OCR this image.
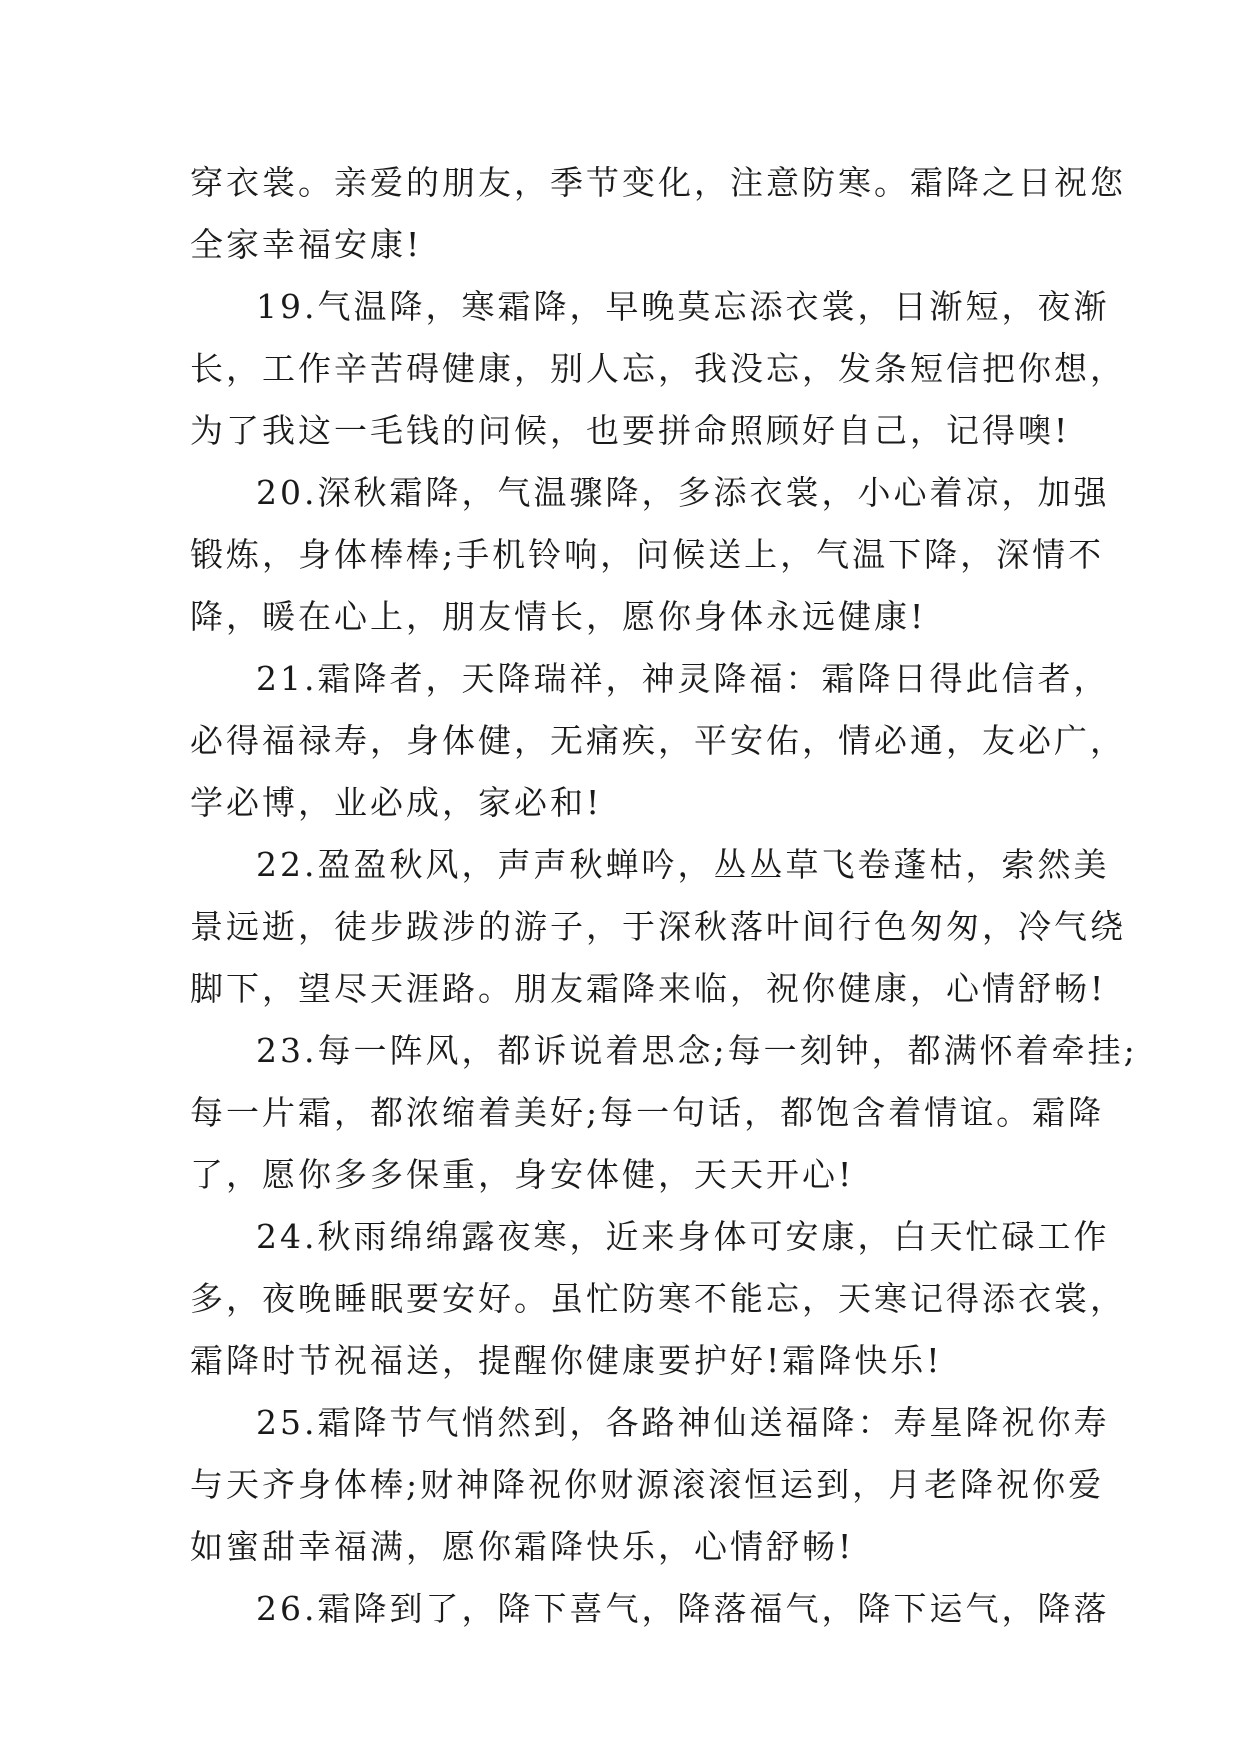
穿衣裳。亲爱的朋友，季节变化，注意防寒。霜降之日祝您
全家幸福安康!
19.气温降，寒霜降，早晚莫忘添衣裳，日渐短，夜渐
长，工作辛苦碍健康，别人忘，我没忘，发条短信把你想，
为了我这一毛钱的问候，也要拼命照顾好自己，记得噢!
20.深秋霜降，气温骤降，多添衣裳，小心着凉，加强
锻炼，身体棒棒;手机铃响，问候送上，气温下降，深情不
降，暖在心上，朋友情长，愿你身体永远健康!
21.霜降者，天降瑞祥，神灵降福：霜降日得此信者，
必得福禄寿，身体健，无痛疾，平安佑，情必通，友必广，
学必博，业必成，家必和!
22.盈盈秋风，声声秋蝉吟，丛丛草飞卷蓬枯，索然美
景远逝，徒步跋涉的游子，于深秋落叶间行色匆匆，冷气绕
脚下，望尽天涯路。朋友霜降来临，祝你健康，心情舒畅!
23.每一阵风，都诉说着思念;每一刻钟，都满怀着牵挂;
每一片霜，都浓缩着美好;每一句话，都饱含着情谊。霜降
了，愿你多多保重，身安体健，天天开心!
24.秋雨绵绵露夜寒，近来身体可安康，白天忙碌工作
多，夜晚睡眠要安好。虽忙防寒不能忘，天寒记得添衣裳，
霜降时节祝福送，提醒你健康要护好!霜降快乐!
25.霜降节气悄然到，各路神仙送福降：寿星降祝你寿
与天齐身体棒;财神降祝你财源滚滚恒运到，月老降祝你爱
如蜜甜幸福满，愿你霜降快乐，心情舒畅!
26.霜降到了，降下喜气，降落福气，降下运气，降落
